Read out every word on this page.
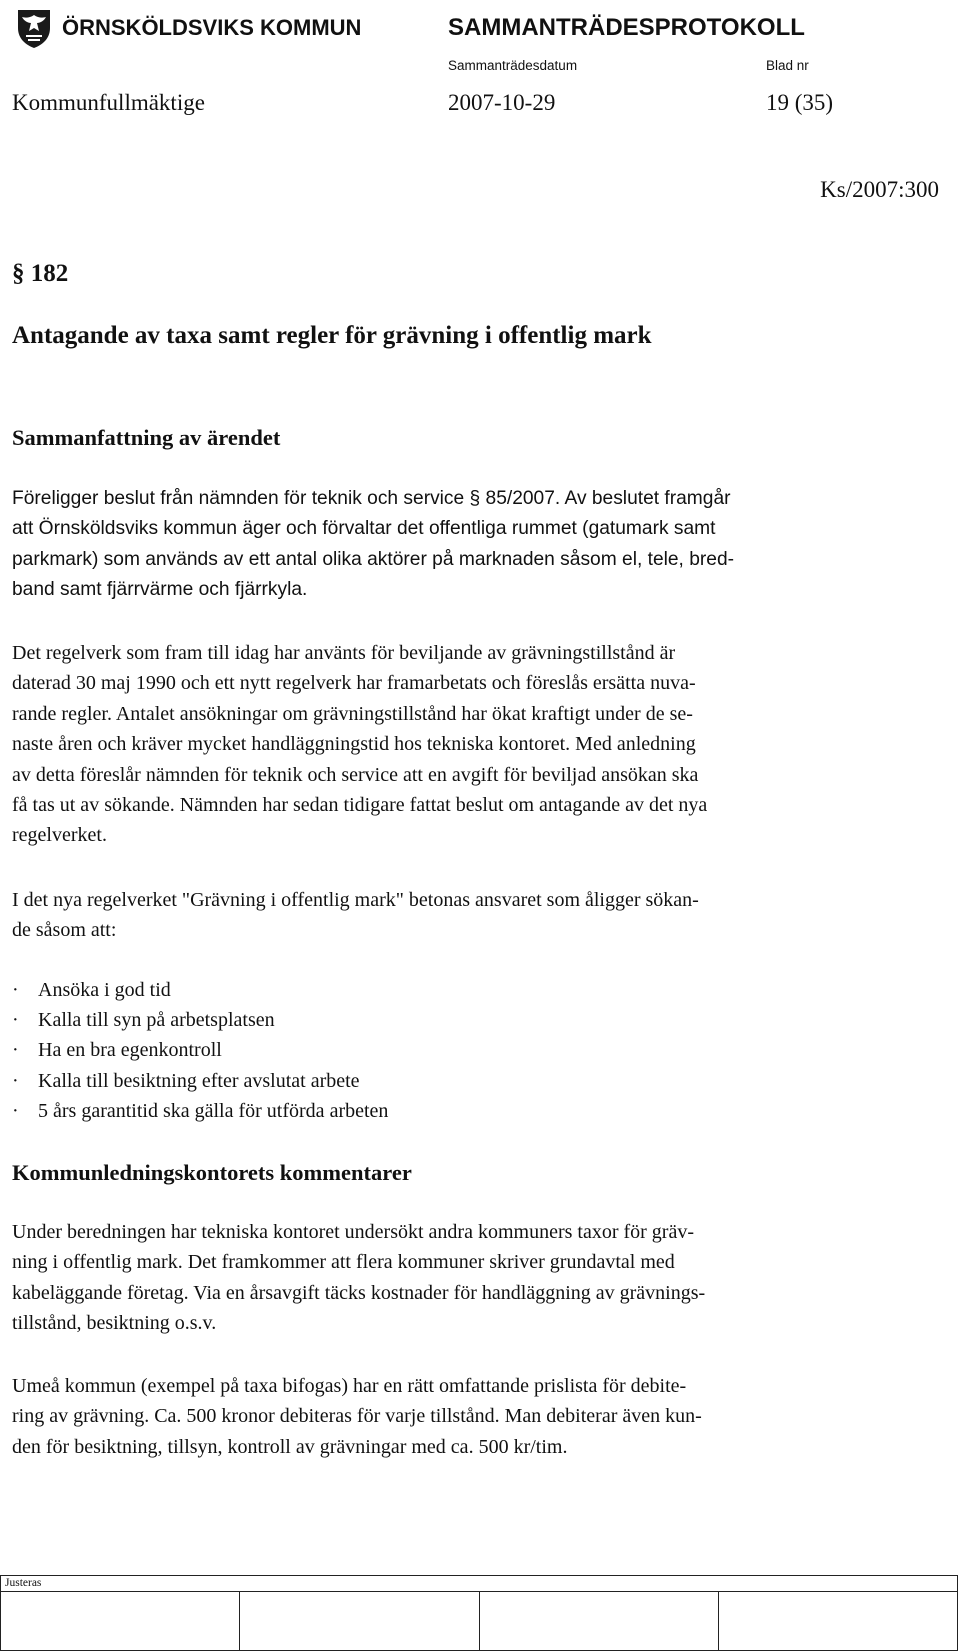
ÖRNSKÖLDSVIKS KOMMUN	SAMMANTRÄDESPROTOKOLL
Sammanträdesdatum	Blad nr
Kommunfullmäktige	2007-10-29	19 (35)
Ks/2007:300
§ 182
Antagande av taxa samt regler för grävning i offentlig mark
Sammanfattning av ärendet

Föreligger beslut från nämnden för teknik och service § 85/2007. Av beslutet framgår

att Örnsköldsviks kommun äger och förvaltar det offentliga rummet (gatumark samt

parkmark) som används av ett antal olika aktörer på marknaden såsom el, tele, bred-

band samt fjärrvärme och fjärrkyla.

Det regelverk som fram till idag har använts för beviljande av grävningstillstånd är

daterad 30 maj 1990 och ett nytt regelverk har framarbetats och föreslås ersätta nuva-

rande regler. Antalet ansökningar om grävningstillstånd har ökat kraftigt under de se-

naste åren och kräver mycket handläggningstid hos tekniska kontoret. Med anledning

av detta föreslår nämnden för teknik och service att en avgift för beviljad ansökan ska

få tas ut av sökande. Nämnden har sedan tidigare fattat beslut om antagande av det nya

regelverket.

I det nya regelverket "Grävning i offentlig mark" betonas ansvaret som åligger sökan-

de såsom att:

· Ansöka i god tid
· Kalla till syn på arbetsplatsen
· Ha en bra egenkontroll
· Kalla till besiktning efter avslutat arbete
· 5 års garantitid ska gälla för utförda arbeten
Kommunledningskontorets kommentarer

Under beredningen har tekniska kontoret undersökt andra kommuners taxor för gräv-

ning i offentlig mark. Det framkommer att flera kommuner skriver grundavtal med

kabeläggande företag. Via en årsavgift täcks kostnader för handläggning av grävnings-

tillstånd, besiktning o.s.v.

Umeå kommun (exempel på taxa bifogas) har en rätt omfattande prislista för debite-

ring av grävning. Ca. 500 kronor debiteras för varje tillstånd. Man debiterar även kun-

den för besiktning, tillsyn, kontroll av grävningar med ca. 500 kr/tim.

Justeras
